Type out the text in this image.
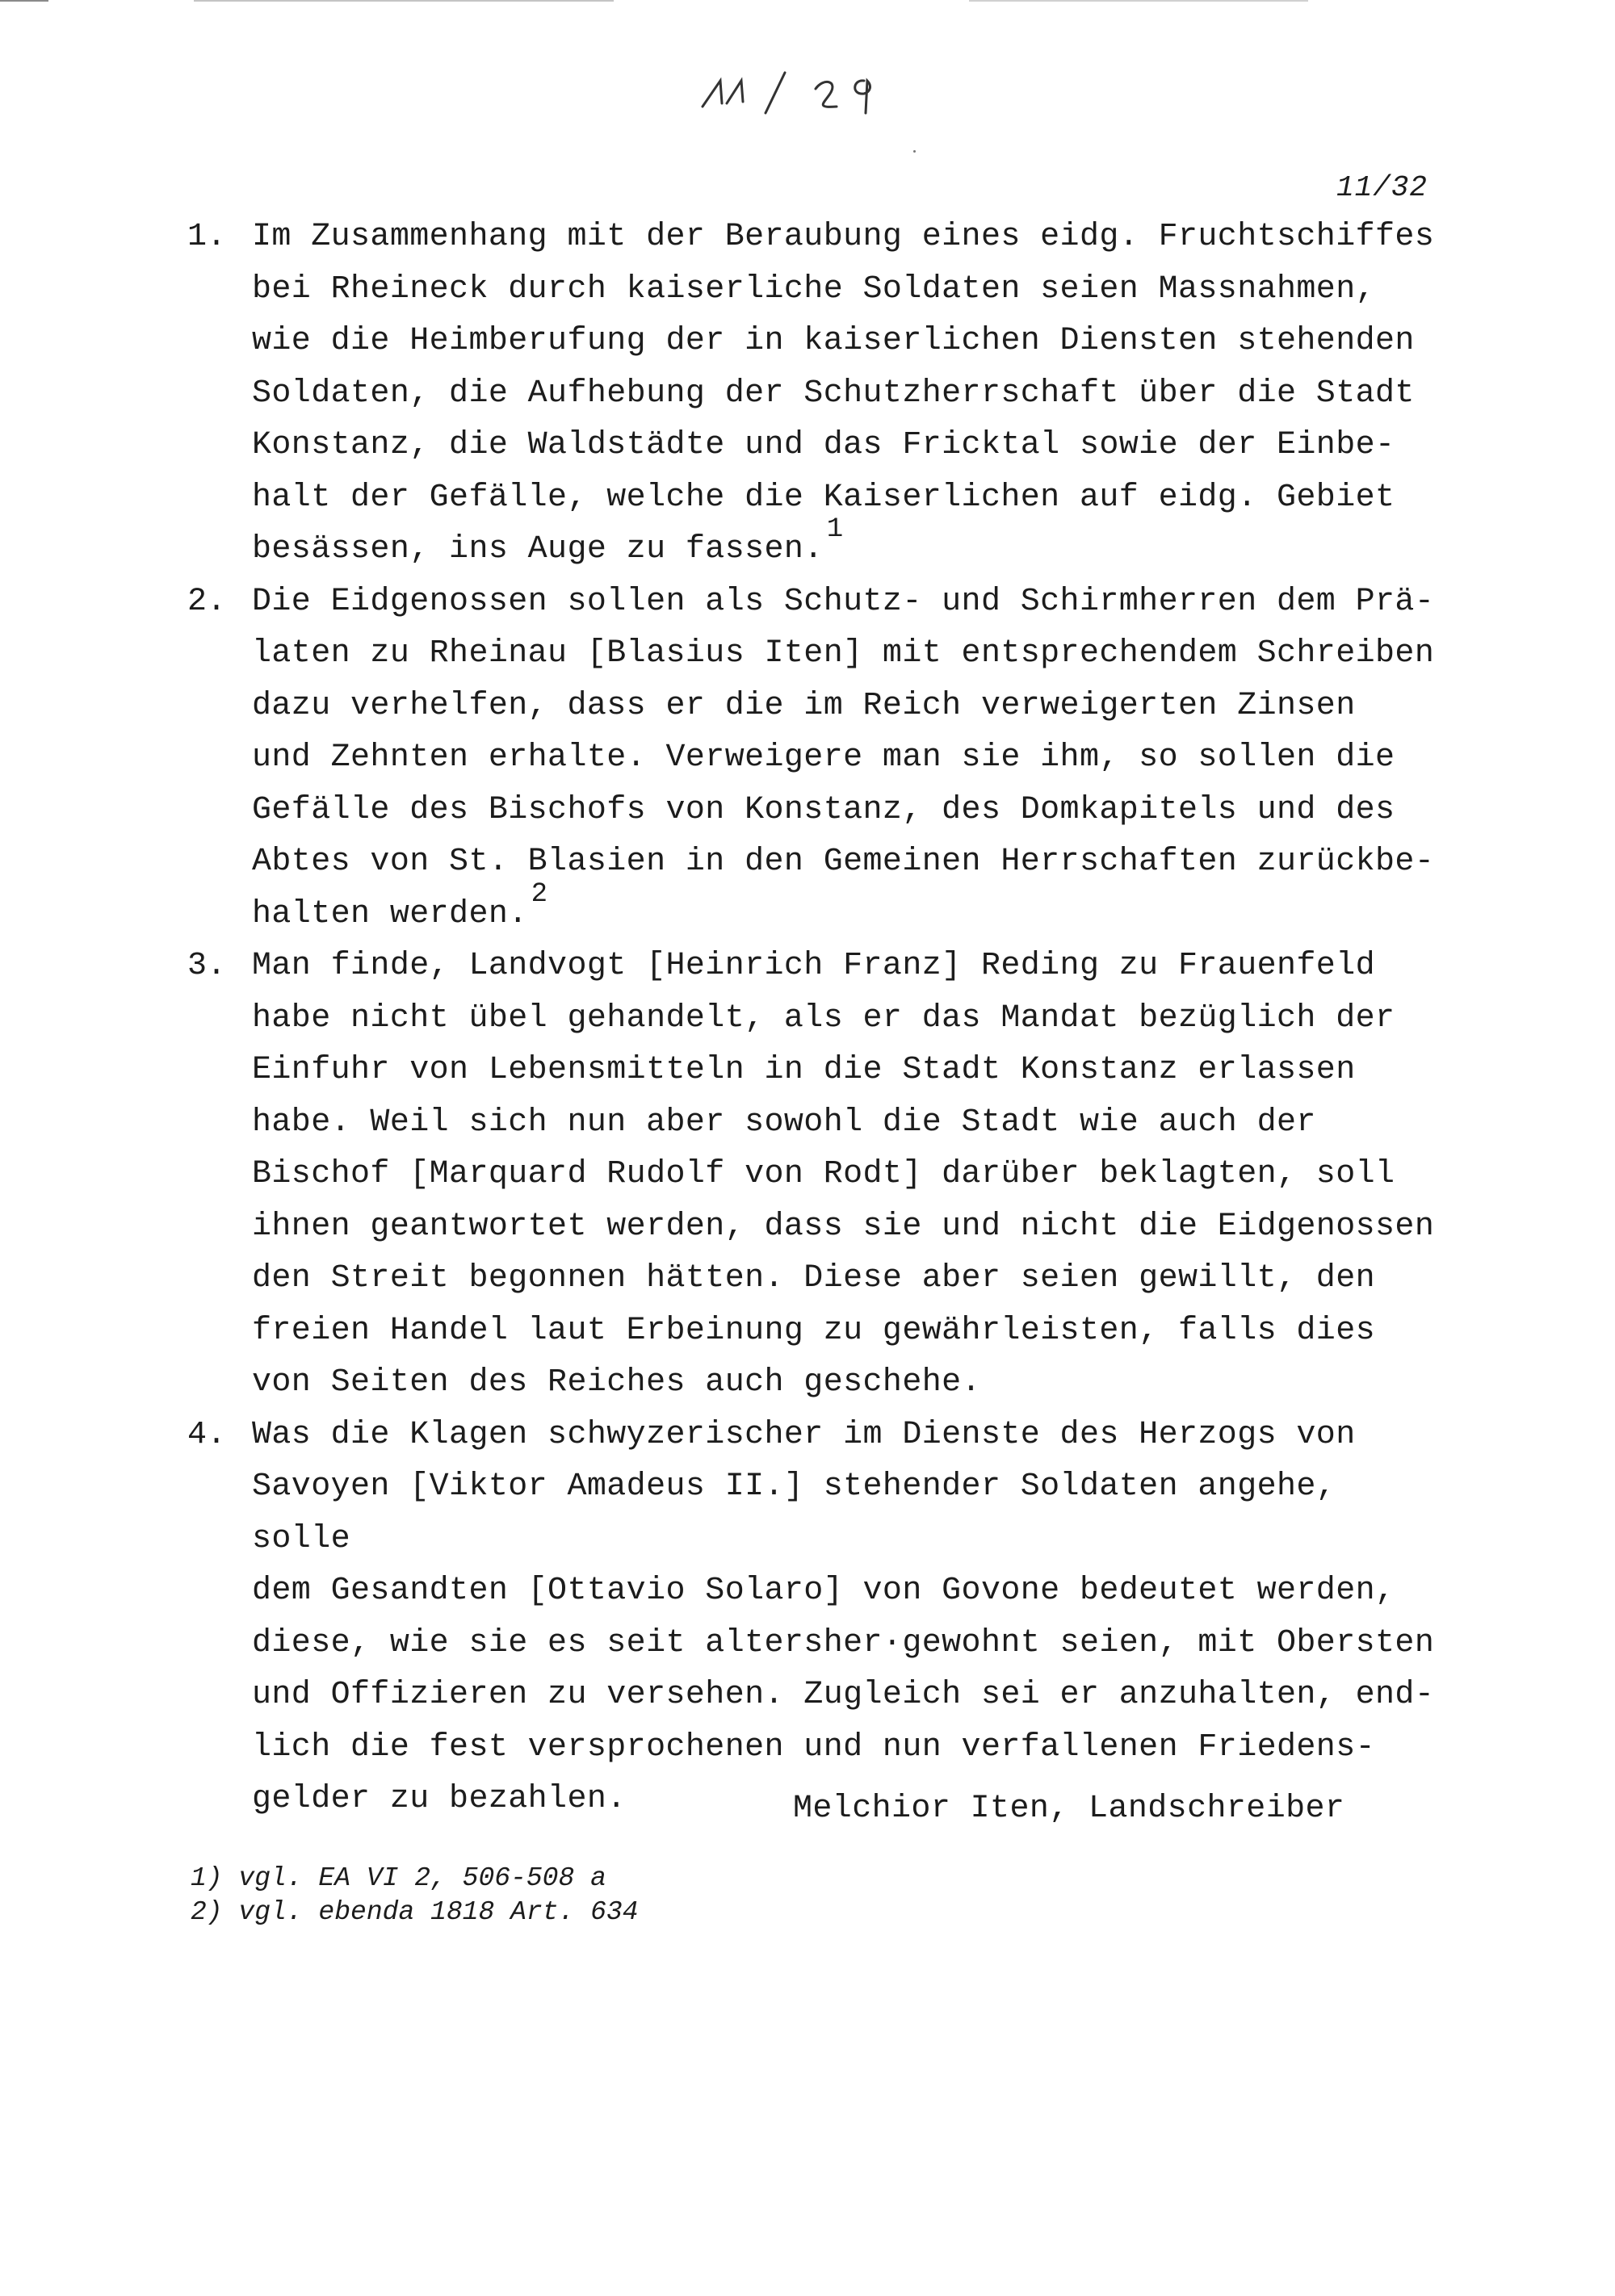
11/29
11/32
1. Im Zusammenhang mit der Beraubung eines eidg. Fruchtschiffes
bei Rheineck durch kaiserliche Soldaten seien Massnahmen,
wie die Heimberufung der in kaiserlichen Diensten stehenden
Soldaten, die Aufhebung der Schutzherrschaft über die Stadt
Konstanz, die Waldstädte und das Fricktal sowie der Einbe-
halt der Gefälle, welche die Kaiserlichen auf eidg. Gebiet
besässen, ins Auge zu fassen.$^1$
2. Die Eidgenossen sollen als Schutz- und Schirmherren dem Prä-
laten zu Rheinau [Blasius Iten] mit entsprechendem Schreiben
dazu verhelfen, dass er die im Reich verweigerten Zinsen
und Zehnten erhalte. Verweigere man sie ihm, so sollen die
Gefälle des Bischofs von Konstanz, des Domkapitels und des
Abtes von St. Blasien in den Gemeinen Herrschaften zurückbe-
halten werden.$^2$
3. Man finde, Landvogt [Heinrich Franz] Reding zu Frauenfeld
habe nicht übel gehandelt, als er das Mandat bezüglich der
Einfuhr von Lebensmitteln in die Stadt Konstanz erlassen
habe. Weil sich nun aber sowohl die Stadt wie auch der
Bischof [Marquard Rudolf von Rodt] darüber beklagten, soll
ihnen geantwortet werden, dass sie und nicht die Eidgenossen
den Streit begonnen hätten. Diese aber seien gewillt, den
freien Handel laut Erbeinung zu gewährleisten, falls dies
von Seiten des Reiches auch geschehe.
4. Was die Klagen schwyzerischer im Dienste des Herzogs von
Savoyen [Viktor Amadeus II.] stehender Soldaten angehe, solle
dem Gesandten [Ottavio Solaro] von Govone bedeutet werden,
diese, wie sie es seit altersher·gewohnt seien, mit Obersten
und Offizieren zu versehen. Zugleich sei er anzuhalten, end-
lich die fest versprochenen und nun verfallenen Friedens-
gelder zu bezahlen.	Melchior Iten, Landschreiber
1) vgl. EA VI 2, 506-508 a
2) vgl. ebenda 1818 Art. 634
